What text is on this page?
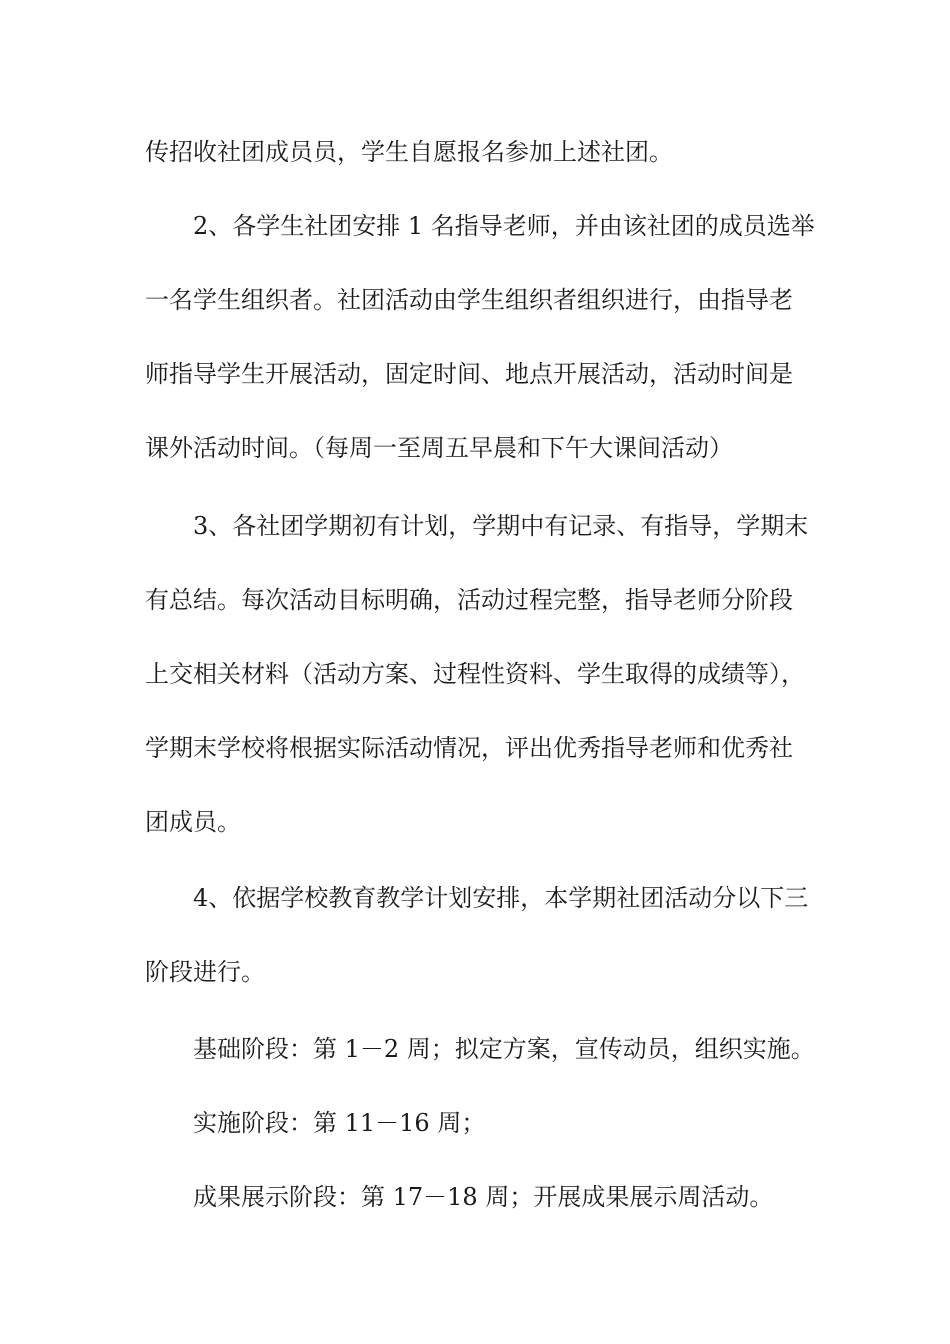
传招收社团成员员，学生自愿报名参加上述社团。
2、各学生社团安排 1 名指导老师，并由该社团的成员选举
一名学生组织者。社团活动由学生组织者组织进行，由指导老
师指导学生开展活动，固定时间、地点开展活动，活动时间是
课外活动时间。（每周一至周五早晨和下午大课间活动）
3、各社团学期初有计划，学期中有记录、有指导，学期末
有总结。每次活动目标明确，活动过程完整，指导老师分阶段
上交相关材料（活动方案、过程性资料、学生取得的成绩等），
学期末学校将根据实际活动情况，评出优秀指导老师和优秀社
团成员。
4、依据学校教育教学计划安排，本学期社团活动分以下三
阶段进行。
基础阶段：第 1－2 周；拟定方案，宣传动员，组织实施。
实施阶段：第 11－16 周；
成果展示阶段：第 17－18 周；开展成果展示周活动。
